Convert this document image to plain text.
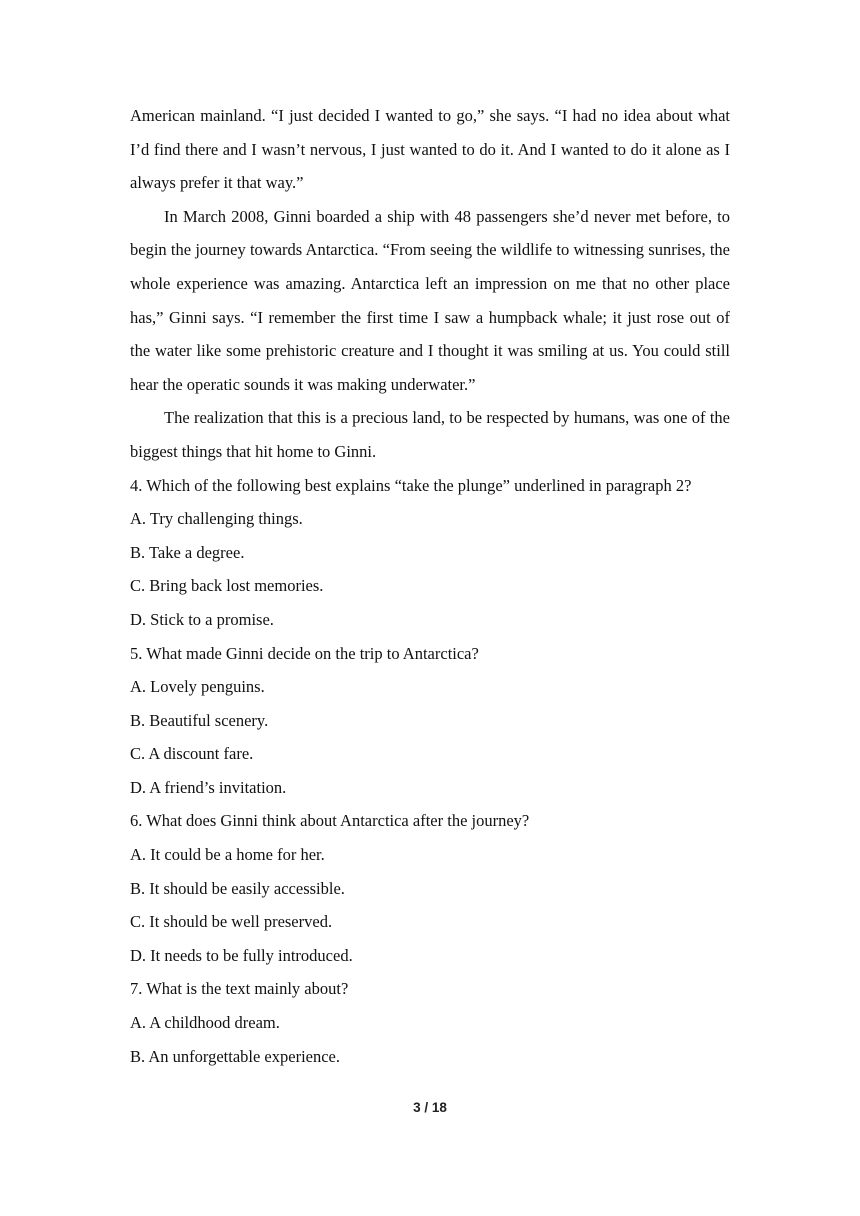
American mainland. “I just decided I wanted to go,” she says. “I had no idea about what I’d find there and I wasn’t nervous, I just wanted to do it. And I wanted to do it alone as I always prefer it that way.”

In March 2008, Ginni boarded a ship with 48 passengers she’d never met before, to begin the journey towards Antarctica. “From seeing the wildlife to witnessing sunrises, the whole experience was amazing. Antarctica left an impression on me that no other place has,” Ginni says. “I remember the first time I saw a humpback whale; it just rose out of the water like some prehistoric creature and I thought it was smiling at us. You could still hear the operatic sounds it was making underwater.”

The realization that this is a precious land, to be respected by humans, was one of the biggest things that hit home to Ginni.

4. Which of the following best explains “take the plunge” underlined in paragraph 2?

A. Try challenging things.

B. Take a degree.

C. Bring back lost memories.

D. Stick to a promise.

5. What made Ginni decide on the trip to Antarctica?

A. Lovely penguins.

B. Beautiful scenery.

C. A discount fare.

D. A friend’s invitation.

6. What does Ginni think about Antarctica after the journey?

A. It could be a home for her.

B. It should be easily accessible.

C. It should be well preserved.

D. It needs to be fully introduced.

7. What is the text mainly about?

A. A childhood dream.

B. An unforgettable experience.

3 / 18
